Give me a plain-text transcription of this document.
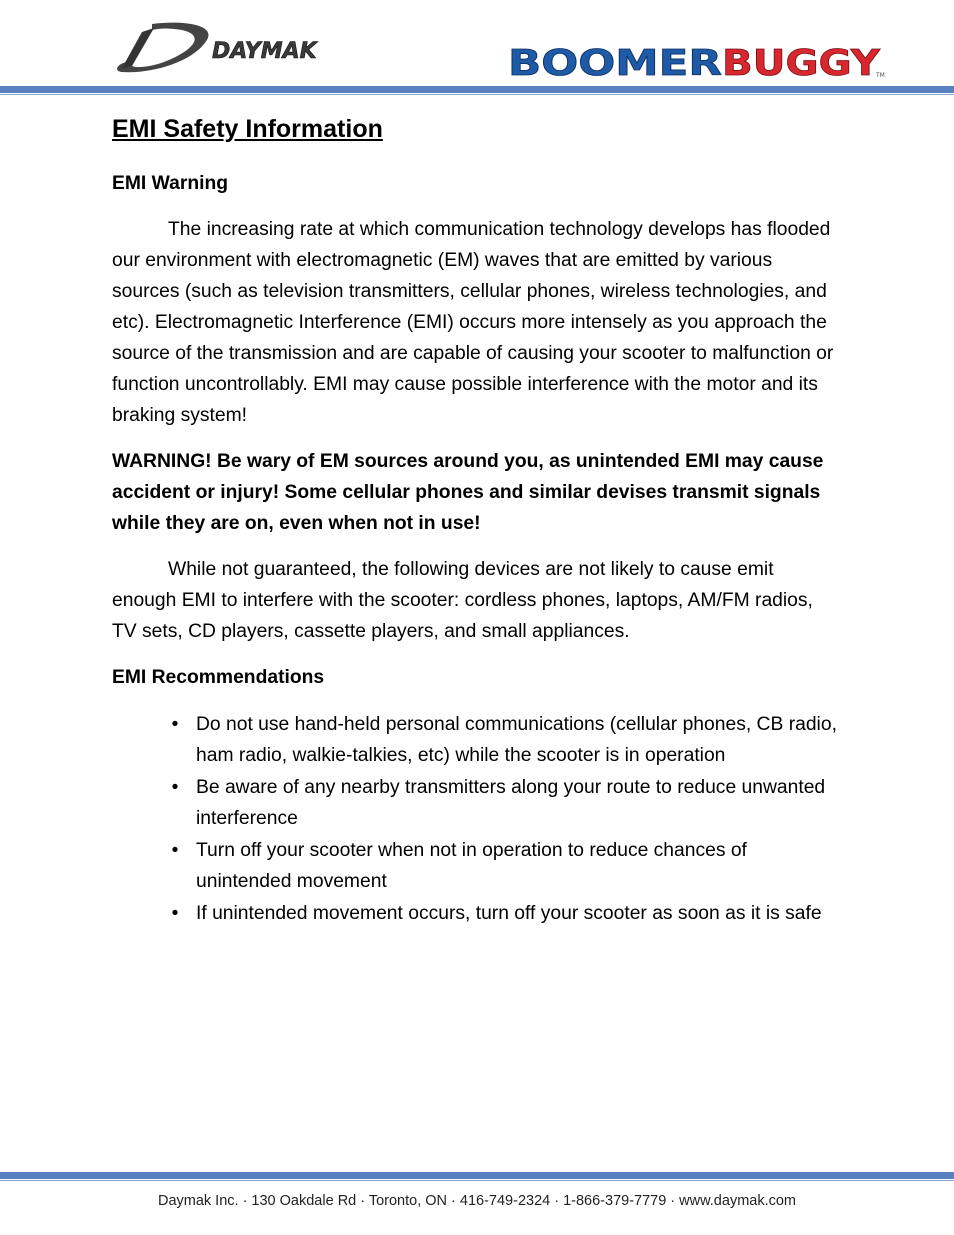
DAYMAK	BOOMER BUGGY
TM
EMI Safety Information
EMI Warning

The increasing rate at which communication technology develops has flooded our environment with electromagnetic (EM) waves that are emitted by various sources (such as television transmitters, cellular phones, wireless technologies, and etc). Electromagnetic Interference (EMI) occurs more intensely as you approach the source of the transmission and are capable of causing your scooter to malfunction or function uncontrollably. EMI may cause possible interference with the motor and its braking system!

WARNING! Be wary of EM sources around you, as unintended EMI may cause accident or injury! Some cellular phones and similar devises transmit signals while they are on, even when not in use!

While not guaranteed, the following devices are not likely to cause emit enough EMI to interfere with the scooter: cordless phones, laptops, AM/FM radios, TV sets, CD players, cassette players, and small appliances.

EMI Recommendations
• Do not use hand-held personal communications (cellular phones, CB radio, ham radio, walkie-talkies, etc) while the scooter is in operation
• Be aware of any nearby transmitters along your route to reduce unwanted interference
• Turn off your scooter when not in operation to reduce chances of unintended movement
• If unintended movement occurs, turn off your scooter as soon as it is safe
Daymak Inc. · 130 Oakdale Rd · Toronto, ON · 416-749-2324 · 1-866-379-7779 · www.daymak.com
